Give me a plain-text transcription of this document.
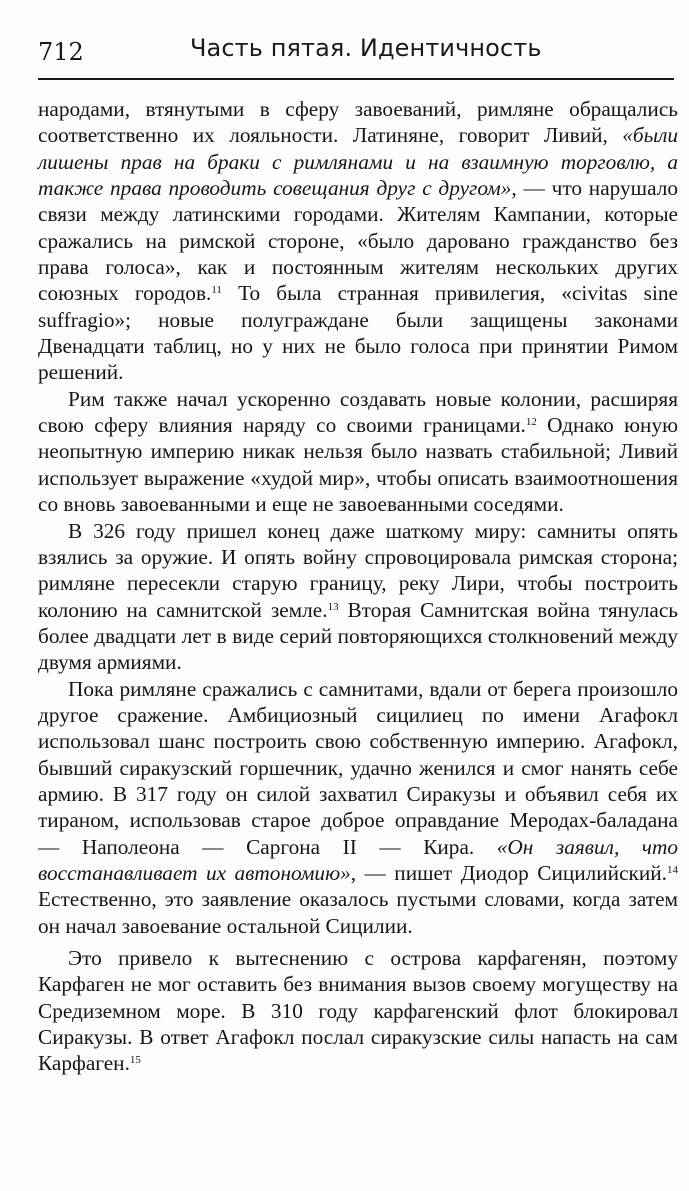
712	Часть пятая. Идентичность

народами, втянутыми в сферу завоеваний, римляне обращались соответственно их лояльности. Латиняне, говорит Ливий, «были лишены прав на браки с римлянами и на взаимную торговлю, а также права проводить совещания друг с другом», — что нарушало связи между латинскими городами. Жителям Кампании, которые сражались на римской стороне, «было даровано гражданство без права голоса», как и постоянным жителям нескольких других союзных городов.$^{11}$ То была странная привилегия, «civitas sine suffragio»; новые полуграждане были защищены законами Двенадцати таблиц, но у них не было голоса при принятии Римом решений.

Рим также начал ускоренно создавать новые колонии, расширяя свою сферу влияния наряду со своими границами.$^{12}$ Однако юную неопытную империю никак нельзя было назвать стабильной; Ливий использует выражение «худой мир», чтобы описать взаимоотношения со вновь завоеванными и еще не завоеванными соседями.

В 326 году пришел конец даже шаткому миру: самниты опять взялись за оружие. И опять войну спровоцировала римская сторона; римляне пересекли старую границу, реку Лири, чтобы построить колонию на самнитской земле.$^{13}$ Вторая Самнитская война тянулась более двадцати лет в виде серий повторяющихся столкновений между двумя армиями.

Пока римляне сражались с самнитами, вдали от берега произошло другое сражение. Амбициозный сицилиец по имени Агафокл использовал шанс построить свою собственную империю. Агафокл, бывший сиракузский горшечник, удачно женился и смог нанять себе армию. В 317 году он силой захватил Сиракузы и объявил себя их тираном, использовав старое доброе оправдание Меродах-баладана — Наполеона — Саргона II — Кира. «Он заявил, что восстанавливает их автономию», — пишет Диодор Сицилийский.$^{14}$ Естественно, это заявление оказалось пустыми словами, когда затем он начал завоевание остальной Сицилии.

Это привело к вытеснению с острова карфагенян, поэтому Карфаген не мог оставить без внимания вызов своему могуществу на Средиземном море. В 310 году карфагенский флот блокировал Сиракузы. В ответ Агафокл послал сиракузские силы напасть на сам Карфаген.$^{15}$
